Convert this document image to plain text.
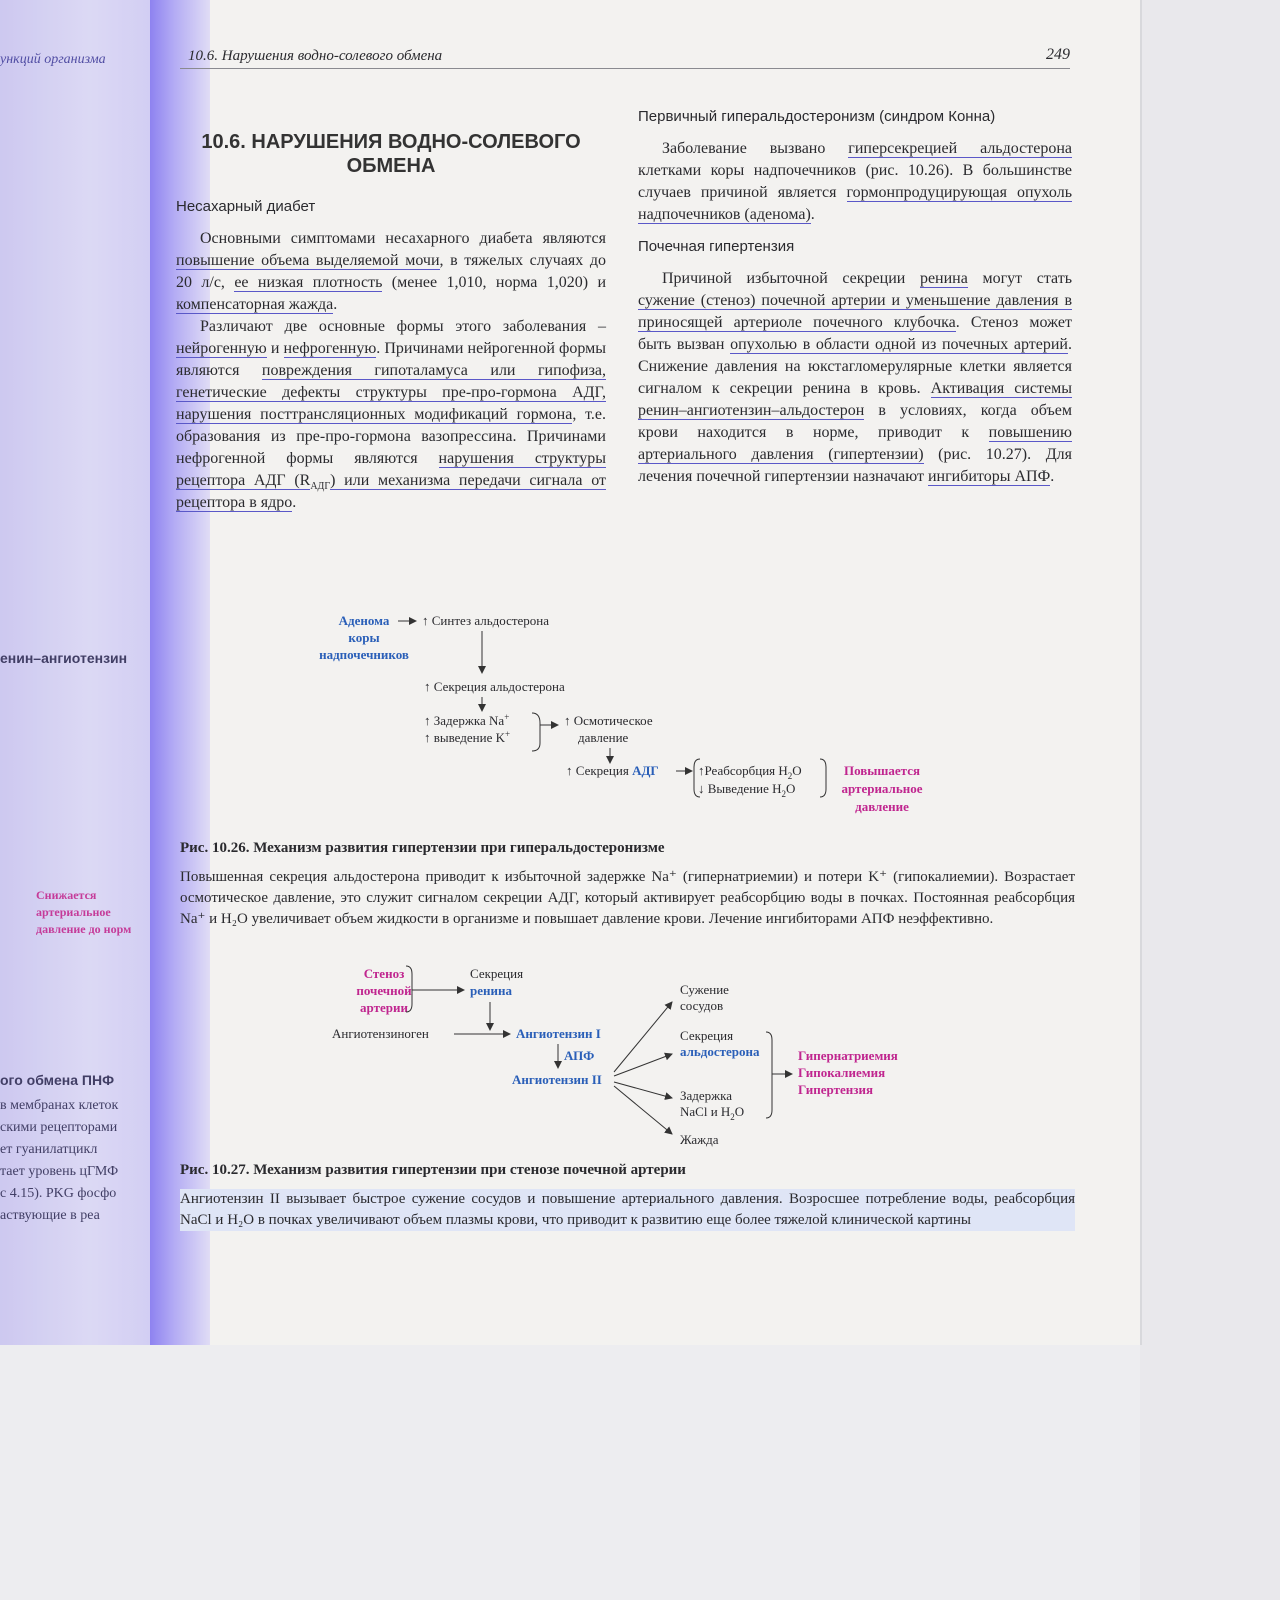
ункций организма
енин–ангиотензин
Снижается
артериальное
давление до норм
ого обмена ПНФ
в мембранах клеток
скими рецепторами
ет гуанилатцикл
тает уровень цГМФ
с 4.15). PKG фосфо
аствующие в реа
10.6. Нарушения водно-солевого обмена	249
10.6. НАРУШЕНИЯ ВОДНО-СОЛЕВОГО ОБМЕНА
Несахарный диабет

Основными симптомами несахарного диабета являются повышение объема выделяемой мочи, в тяжелых случаях до 20 л/с, ее низкая плотность (менее 1,010, норма 1,020) и компенсаторная жажда.

Различают две основные формы этого заболевания – нейрогенную и нефрогенную. Причинами нейрогенной формы являются повреждения гипоталамуса или гипофиза, генетические дефекты структуры пре-про-гормона АДГ, нарушения посттрансляционных модификаций гормона, т.е. образования из пре-про-гормона вазопрессина. Причинами нефрогенной формы являются нарушения структуры рецептора АДГ $(R_{АДГ})$ или механизма передачи сигнала от рецептора в ядро.

Первичный гиперальдостеронизм (синдром Конна)

Заболевание вызвано гиперсекрецией альдостерона клетками коры надпочечников (рис. 10.26). В большинстве случаев причиной является гормонпродуцирующая опухоль надпочечников (аденома).

Почечная гипертензия

Причиной избыточной секреции ренина могут стать сужение (стеноз) почечной артерии и уменьшение давления в приносящей артериоле почечного клубочка. Стеноз может быть вызван опухолью в области одной из почечных артерий. Снижение давления на юкстагломерулярные клетки является сигналом к секреции ренина в кровь. Активация системы ренин–ангиотензин–альдостерон в условиях, когда объем крови находится в норме, приводит к повышению артериального давления (гипертензии) (рис. 10.27). Для лечения почечной гипертензии назначают ингибиторы АПФ.

Аденома
коры
надпочечников
↑ Синтез альдостерона
↑ Секреция альдостерона
↑ Задержка Na+
↑ выведение K+
↑ Осмотическое
давление
↑ Секреция АДГ	↑Реабсорбция $H_2O$
↓ Выведение $H_2O$
Повышается
артериальное
давление
Рис. 10.26. Механизм развития гипертензии при гиперальдостеронизме
Повышенная секреция альдостерона приводит к избыточной задержке Na⁺ (гипернатриемии) и потери K⁺ (гипокалиемии). Возрастает осмотическое давление, это служит сигналом секреции АДГ, который активирует реабсорбцию воды в почках. Постоянная реабсорбция Na⁺ и H₂O увеличивает объем жидкости в организме и повышает давление крови. Лечение ингибиторами АПФ неэффективно.
Стеноз
почечной
артерии
Секреция
ренина
Ангиотензиноген	Ангиотензин I
АПФ
Ангиотензин II
Сужение
сосудов
Секреция
альдостерона
Задержка
NaCl и $H_2O$
Жажда
Гипернатриемия
Гипокалиемия
Гипертензия
Рис. 10.27. Механизм развития гипертензии при стенозе почечной артерии
Ангиотензин II вызывает быстрое сужение сосудов и повышение артериального давления. Возросшее потребление воды, реабсорбция NaCl и H₂O в почках увеличивают объем плазмы крови, что приводит к развитию еще более тяжелой клинической картины
